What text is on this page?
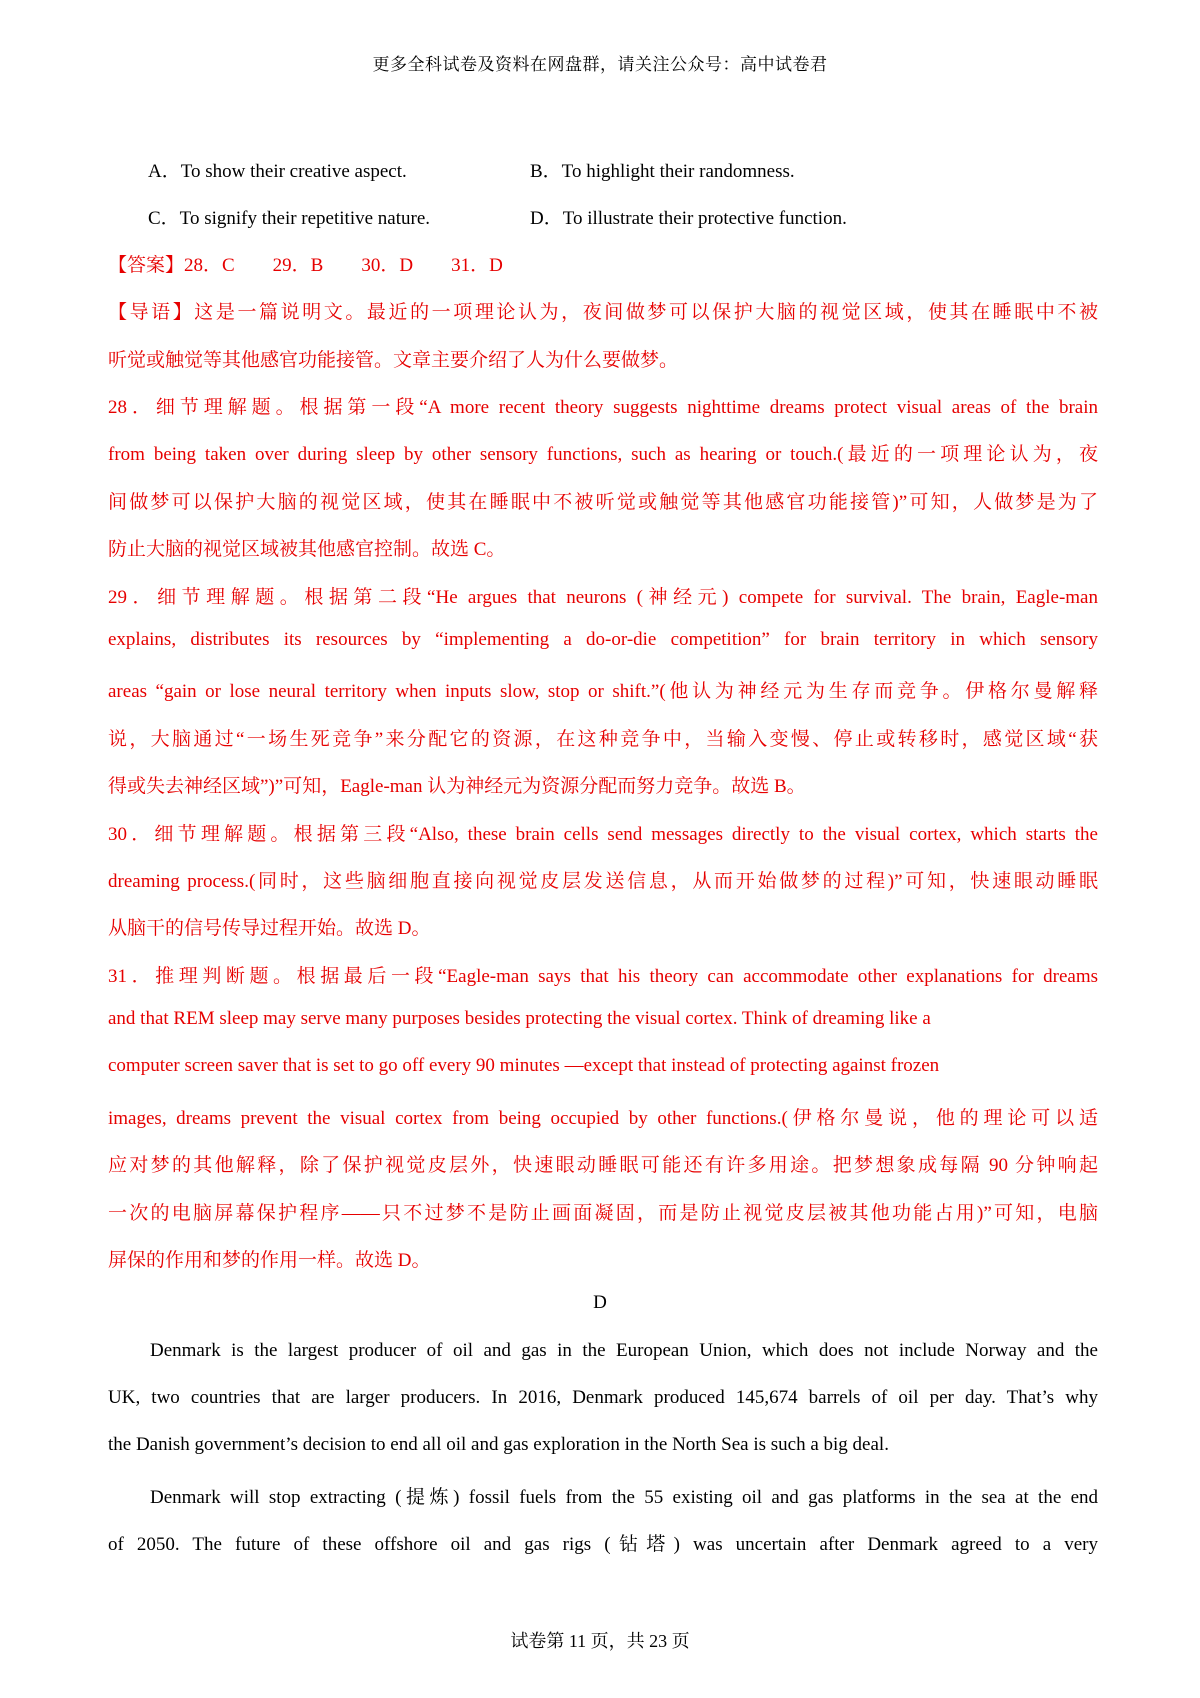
更多全科试卷及资料在网盘群，请关注公众号：高中试卷君
A．To show their creative aspect.	B．To highlight their randomness.
C．To signify their repetitive nature.	D．To illustrate their protective function.
【答案】28．C　　29．B　　30．D　　31．D
【导语】这是一篇说明文。最近的一项理论认为，夜间做梦可以保护大脑的视觉区域，使其在睡眠中不被
听觉或触觉等其他感官功能接管。文章主要介绍了人为什么要做梦。
28．细节理解题。根据第一段“A more recent theory suggests nighttime dreams protect visual areas of the brain
from being taken over during sleep by other sensory functions, such as hearing or touch.(最近的一项理论认为，夜
间做梦可以保护大脑的视觉区域，使其在睡眠中不被听觉或触觉等其他感官功能接管)”可知，人做梦是为了
防止大脑的视觉区域被其他感官控制。故选 C。
29．细节理解题。根据第二段“He argues that neurons (神经元) compete for survival. The brain, Eagle-man
explains, distributes its resources by “implementing a do-or-die competition” for brain territory in which sensory
areas “gain or lose neural territory when inputs slow, stop or shift.”(他认为神经元为生存而竞争。伊格尔曼解释
说，大脑通过“一场生死竞争”来分配它的资源，在这种竞争中，当输入变慢、停止或转移时，感觉区域“获
得或失去神经区域”)”可知，Eagle-man 认为神经元为资源分配而努力竞争。故选 B。
30．细节理解题。根据第三段“Also, these brain cells send messages directly to the visual cortex, which starts the
dreaming process.(同时，这些脑细胞直接向视觉皮层发送信息，从而开始做梦的过程)”可知，快速眼动睡眠
从脑干的信号传导过程开始。故选 D。
31．推理判断题。根据最后一段“Eagle-man says that his theory can accommodate other explanations for dreams
and that REM sleep may serve many purposes besides protecting the visual cortex. Think of dreaming like a
computer screen saver that is set to go off every 90 minutes —except that instead of protecting against frozen
images, dreams prevent the visual cortex from being occupied by other functions.(伊格尔曼说，他的理论可以适
应对梦的其他解释，除了保护视觉皮层外，快速眼动睡眠可能还有许多用途。把梦想象成每隔 90 分钟响起
一次的电脑屏幕保护程序——只不过梦不是防止画面凝固，而是防止视觉皮层被其他功能占用)”可知，电脑
屏保的作用和梦的作用一样。故选 D。
D
Denmark is the largest producer of oil and gas in the European Union, which does not include Norway and the
UK, two countries that are larger producers. In 2016, Denmark produced 145,674 barrels of oil per day. That’s why
the Danish government’s decision to end all oil and gas exploration in the North Sea is such a big deal.
Denmark will stop extracting (提炼) fossil fuels from the 55 existing oil and gas platforms in the sea at the end
of 2050. The future of these offshore oil and gas rigs (钻塔) was uncertain after Denmark agreed to a very
试卷第 11 页，共 23 页
